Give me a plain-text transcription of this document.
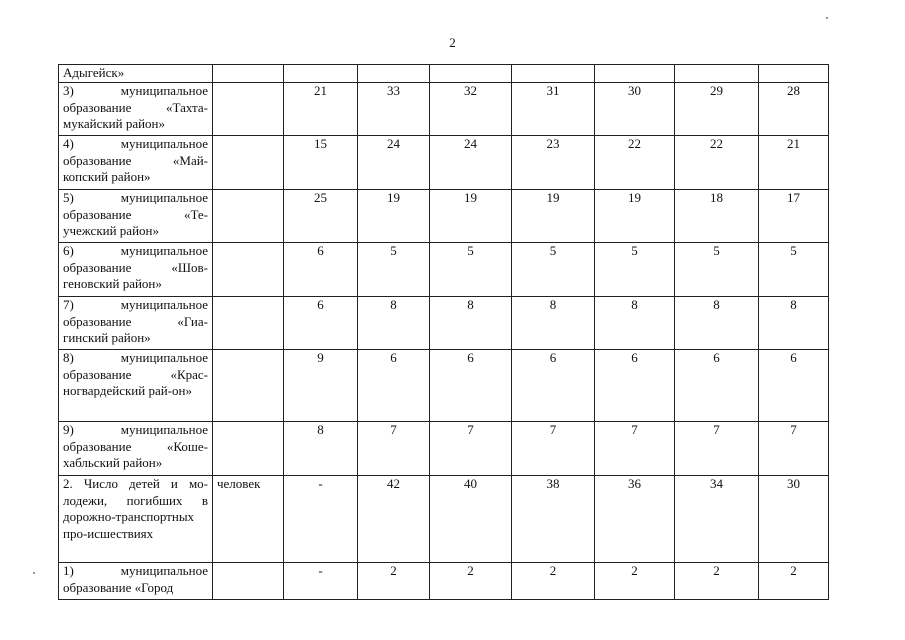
2
Адыгейск»								
3) муниципальное образование «Тахта-мукайский район»		21	33	32	31	30	29	28
4) муниципальное образование «Май-копский район»		15	24	24	23	22	22	21
5) муниципальное образование «Те-учежский район»		25	19	19	19	19	18	17
6) муниципальное образование «Шов-геновский район»		6	5	5	5	5	5	5
7) муниципальное образование «Гиа-гинский район»		6	8	8	8	8	8	8
8) муниципальное образование «Крас-ногвардейский рай-он»		9	6	6	6	6	6	6
9) муниципальное образование «Коше-хабльский район»		8	7	7	7	7	7	7
2. Число детей и мо-лодежи, погибших в дорожно-транспортных про-исшествиях	человек	-	42	40	38	36	34	30
1) муниципальное образование «Город		-	2	2	2	2	2	2
